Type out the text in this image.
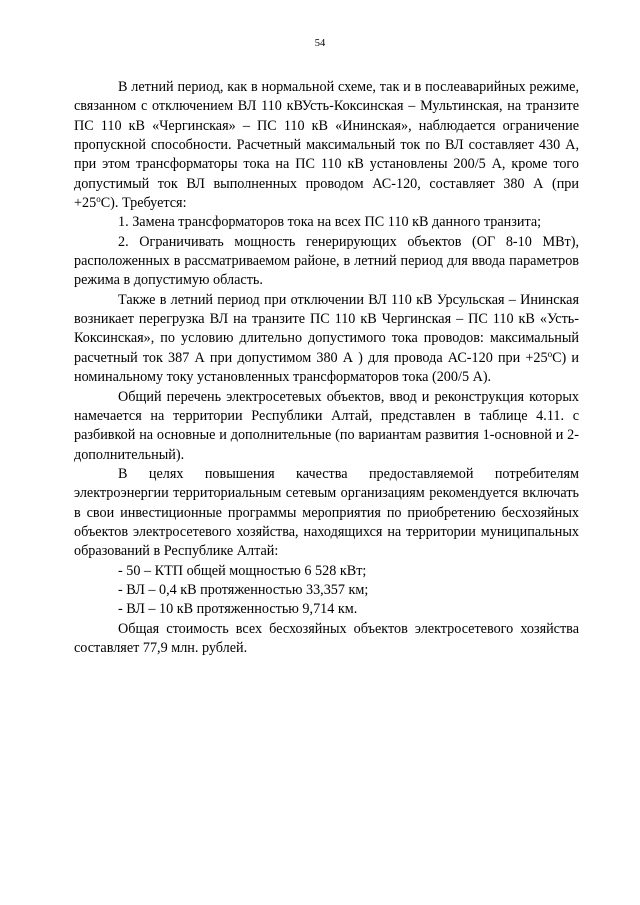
54

В летний период, как в нормальной схеме, так и в послеаварийных режиме, связанном с отключением ВЛ 110 кВУсть-Коксинская – Мультинская, на транзите ПС 110 кВ «Чергинская» – ПС 110 кВ «Ининская», наблюдается ограничение пропускной способности. Расчетный максимальный ток по ВЛ составляет 430 А, при этом трансформаторы тока на ПС 110 кВ установлены 200/5 А, кроме того допустимый ток ВЛ выполненных проводом АС-120, составляет 380 А $(при +25^оС)$. Требуется:

1. Замена трансформаторов тока на всех ПС 110 кВ данного транзита;

2. Ограничивать мощность генерирующих объектов (ОГ 8-10 МВт), расположенных в рассматриваемом районе, в летний период для ввода параметров режима в допустимую область.

Также в летний период при отключении ВЛ 110 кВ Урсульская – Ининская возникает перегрузка ВЛ на транзите ПС 110 кВ Чергинская – ПС 110 кВ «Усть-Коксинская», по условию длительно допустимого тока проводов: максимальный расчетный ток 387 А при допустимом 380 А ) для провода АС-120 при $+25^оС$) и номинальному току установленных трансформаторов тока (200/5 А).

Общий перечень электросетевых объектов, ввод и реконструкция которых намечается на территории Республики Алтай, представлен в таблице 4.11. с разбивкой на основные и дополнительные (по вариантам развития 1-основной и 2-дополнительный).

В целях повышения качества предоставляемой потребителям электроэнергии территориальным сетевым организациям рекомендуется включать в свои инвестиционные программы мероприятия по приобретению бесхозяйных объектов электросетевого хозяйства, находящихся на территории муниципальных образований в Республике Алтай:

- 50 – КТП общей мощностью 6 528 кВт;

- ВЛ – 0,4 кВ протяженностью 33,357 км;

- ВЛ – 10 кВ протяженностью 9,714 км.

Общая стоимость всех бесхозяйных объектов электросетевого хозяйства составляет 77,9 млн. рублей.
